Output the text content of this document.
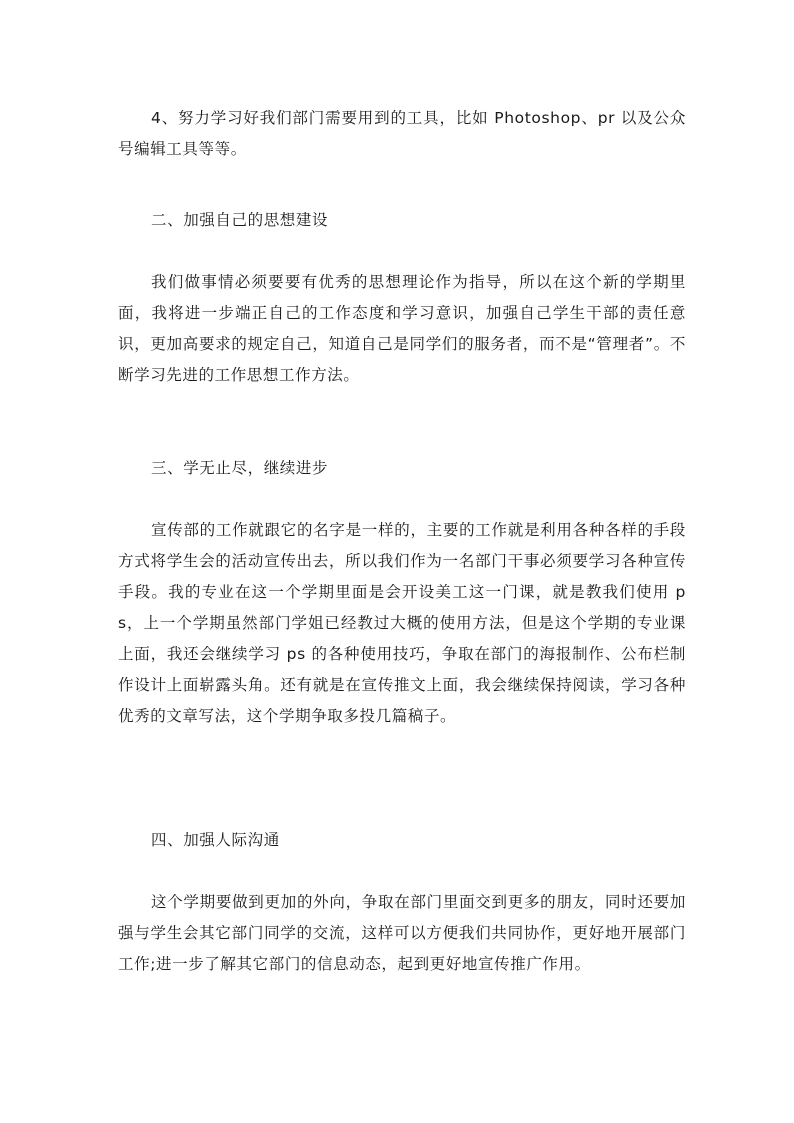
4、努力学习好我们部门需要用到的工具，比如 Photoshop、pr 以及公众号编辑工具等等。

二、加强自己的思想建设

我们做事情必须要要有优秀的思想理论作为指导，所以在这个新的学期里面，我将进一步端正自己的工作态度和学习意识，加强自己学生干部的责任意识，更加高要求的规定自己，知道自己是同学们的服务者，而不是“管理者”。不断学习先进的工作思想工作方法。

三、学无止尽，继续进步

宣传部的工作就跟它的名字是一样的，主要的工作就是利用各种各样的手段方式将学生会的活动宣传出去，所以我们作为一名部门干事必须要学习各种宣传手段。我的专业在这一个学期里面是会开设美工这一门课，就是教我们使用 ps，上一个学期虽然部门学姐已经教过大概的使用方法，但是这个学期的专业课上面，我还会继续学习 ps 的各种使用技巧，争取在部门的海报制作、公布栏制作设计上面崭露头角。还有就是在宣传推文上面，我会继续保持阅读，学习各种优秀的文章写法，这个学期争取多投几篇稿子。

四、加强人际沟通

这个学期要做到更加的外向，争取在部门里面交到更多的朋友，同时还要加强与学生会其它部门同学的交流，这样可以方便我们共同协作，更好地开展部门工作;进一步了解其它部门的信息动态，起到更好地宣传推广作用。
